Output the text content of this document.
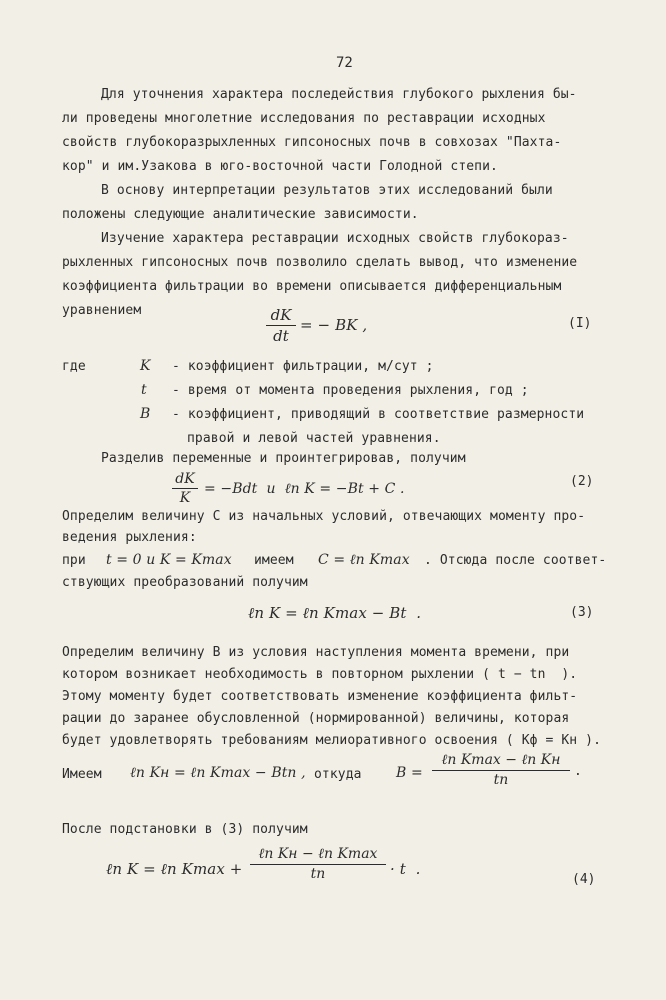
72
Для уточнения характера последействия глубокого рыхления бы-
ли проведены многолетние исследования по реставрации исходных
свойств глубокоразрыхленных гипсоносных почв в совхозах "Пахта-
кор" и им.Узакова в юго-восточной части Голодной степи.
В основу интерпретации результатов этих исследований были
положены следующие аналитические зависимости.
Изучение характера реставрации исходных свойств глубокораз-
рыхленных гипсоносных почв позволило сделать вывод, что изменение
коэффициента фильтрации во времени описывается дифференциальным
уравнением	$\frac{dK}{dt}$ = − BK ,	(I)
где	K - коэффициент фильтрации, м/сут ;
t - время от момента проведения рыхления, год ;
B - коэффициент, приводящий в соответствие размерности
правой и левой частей уравнения.
Разделив переменные и проинтегрировав, получим
$\frac{dK}{K} = -Bdt$  и  ℓn K = −Bt + C .	(2)
Определим величину С из начальных условий, отвечающих моменту про-
ведения рыхления:
при t = 0 и K = Kmax имеем C = ℓn Kmax . Отсюда после соответ-
ствующих преобразований получим
ℓn K = ℓn Kmax − Bt  .	(3)
Определим величину В из условия наступления момента времени, при
котором возникает необходимость в повторном рыхлении ( t − tn  ).
Этому моменту будет соответствовать изменение коэффициента фильт-
рации до заранее обусловленной (нормированной) величины, которая
будет удовлетворять требованиям мелиоративного освоения ( Kф = Kн ).
Имеем ℓn Kн = ℓn Kmax − Btn , откуда B =
ℓn Kmax − ℓn Kн
tn
.
После подстановки в (3) получим
ℓn K = ℓn Kmax +
ℓn Kн − ℓn Kmax
tn	· t  .
(4)
